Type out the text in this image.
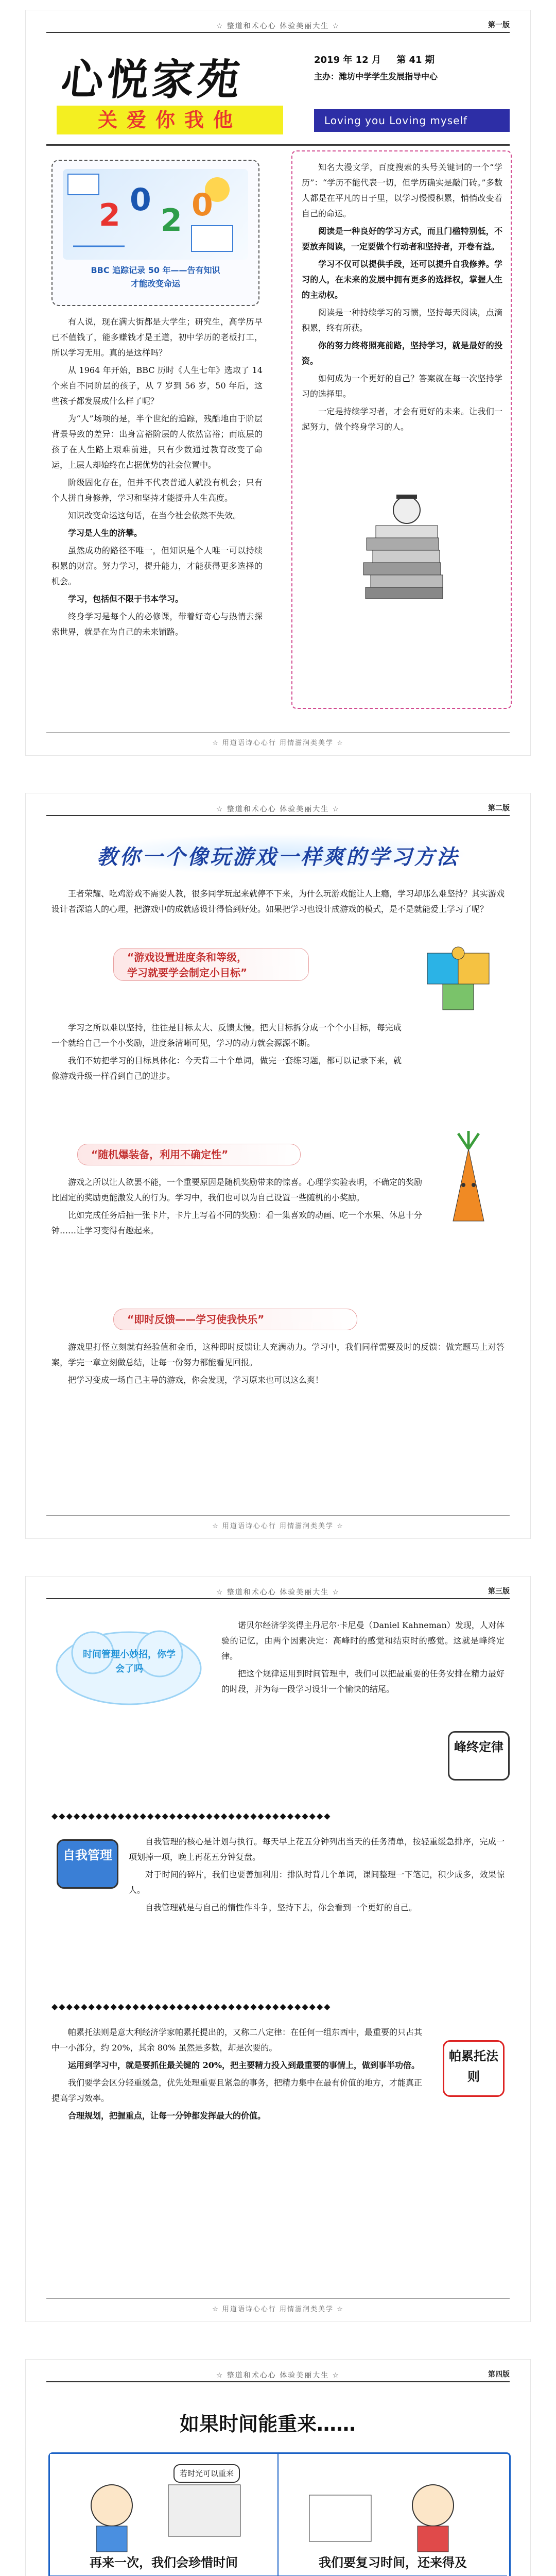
☆ 整道和术心心 体验美丽大生 ☆	第一版
心悦家苑
关爱你我他
2019 年 12 月 第 41 期
主办：潍坊中学学生发展指导中心
Loving you Loving myself
2 0
2 0
BBC 追踪记录 50 年——告有知识
才能改变命运

有人说，现在满大街都是大学生；研究生，高学历早已不值钱了，能多赚钱才是王道，初中学历的老板打工，所以学习无用。真的是这样吗？

从 1964 年开始，BBC 历时《人生七年》选取了 14 个来自不同阶层的孩子，从 7 岁到 56 岁，50 年后，这些孩子都发展成什么样了呢？

为“人”场项的是，半个世纪的追踪，残酷地由于阶层背景导致的差异：出身富裕阶层的人依然富裕；而底层的孩子在人生路上艰难前进，只有少数通过教育改变了命运，上层人却始终在占据优势的社会位置中。

阶级固化存在，但并不代表普通人就没有机会；只有个人拼自身修养，学习和坚持才能提升人生高度。

知识改变命运这句话，在当今社会依然不失效。

学习是人生的济攀。

虽然成功的路径不唯一，但知识是个人唯一可以持续积累的财富。努力学习，提升能力，才能获得更多选择的机会。

学习，包括但不限于书本学习。

终身学习是每个人的必修课，带着好奇心与热情去探索世界，就是在为自己的未来铺路。

知名大漫文学，百度搜索的头号关键词的一个“学历”：“学历不能代表一切，但学历确实是敲门砖。”多数人都是在平凡的日子里，以学习慢慢积累，悄悄改变着自己的命运。

阅读是一种良好的学习方式，而且门槛特别低，不要放弃阅读，一定要做个行动者和坚持者，开卷有益。

学习不仅可以提供手段，还可以提升自我修养。学习的人，在未来的发展中拥有更多的选择权，掌握人生的主动权。

阅读是一种持续学习的习惯，坚持每天阅读，点滴积累，终有所获。

你的努力终将照亮前路，坚持学习，就是最好的投资。

如何成为一个更好的自己？答案就在每一次坚持学习的选择里。

一定是持续学习者，才会有更好的未来。让我们一起努力，做个终身学习的人。

☆ 用道语诗心心行 用情滋润类美学 ☆
☆ 整道和术心心 体验美丽大生 ☆	第二版
教你一个像玩游戏一样爽的学习方法

王者荣耀、吃鸡游戏不需要人教，很多同学玩起来就停不下来，为什么玩游戏能让人上瘾，学习却那么难坚持？其实游戏设计者深谙人的心理，把游戏中的成就感设计得恰到好处。如果把学习也设计成游戏的模式，是不是就能爱上学习了呢？

“游戏设置进度条和等级，
学习就要学会制定小目标”

学习之所以难以坚持，往往是目标太大、反馈太慢。把大目标拆分成一个个小目标，每完成一个就给自己一个小奖励，进度条清晰可见，学习的动力就会源源不断。

我们不妨把学习的目标具体化：今天背二十个单词，做完一套练习题，都可以记录下来，就像游戏升级一样看到自己的进步。

“随机爆装备，利用不确定性”

游戏之所以让人欲罢不能，一个重要原因是随机奖励带来的惊喜。心理学实验表明，不确定的奖励比固定的奖励更能激发人的行为。学习中，我们也可以为自己设置一些随机的小奖励。

比如完成任务后抽一张卡片，卡片上写着不同的奖励：看一集喜欢的动画、吃一个水果、休息十分钟……让学习变得有趣起来。

“即时反馈——学习使我快乐”

游戏里打怪立刻就有经验值和金币，这种即时反馈让人充满动力。学习中，我们同样需要及时的反馈：做完题马上对答案，学完一章立刻做总结，让每一份努力都能看见回报。

把学习变成一场自己主导的游戏，你会发现，学习原来也可以这么爽！

☆ 用道语诗心心行 用情滋润类美学 ☆
☆ 整道和术心心 体验美丽大生 ☆	第三版
时间管理小妙招，你学会了吗

诺贝尔经济学奖得主丹尼尔·卡尼曼（Daniel Kahneman）发现，人对体验的记忆，由两个因素决定：高峰时的感觉和结束时的感觉。这就是峰终定律。

把这个规律运用到时间管理中，我们可以把最重要的任务安排在精力最好的时段，并为每一段学习设计一个愉快的结尾。

峰终定律

◆◆◆◆◆◆◆◆◆◆◆◆◆◆◆◆◆◆◆◆◆◆◆◆◆◆◆◆◆◆◆◆◆◆◆◆◆◆

自我管理

自我管理的核心是计划与执行。每天早上花五分钟列出当天的任务清单，按轻重缓急排序，完成一项划掉一项，晚上再花五分钟复盘。

对于时间的碎片，我们也要善加利用：排队时背几个单词，课间整理一下笔记，积少成多，效果惊人。

自我管理就是与自己的惰性作斗争，坚持下去，你会看到一个更好的自己。

◆◆◆◆◆◆◆◆◆◆◆◆◆◆◆◆◆◆◆◆◆◆◆◆◆◆◆◆◆◆◆◆◆◆◆◆◆◆

帕累托法则是意大利经济学家帕累托提出的，又称二八定律：在任何一组东西中，最重要的只占其中一小部分，约 20%，其余 80% 虽然是多数，却是次要的。

运用到学习中，就是要抓住最关键的 20%，把主要精力投入到最重要的事情上，做到事半功倍。

我们要学会区分轻重缓急，优先处理重要且紧急的事务，把精力集中在最有价值的地方，才能真正提高学习效率。

合理规划，把握重点，让每一分钟都发挥最大的价值。

帕累托法则
☆ 用道语诗心心行 用情滋润类美学 ☆
☆ 整道和术心心 体验美丽大生 ☆	第四版
如果时间能重来……
若时光可以重来
再来一次，我们会珍惜时间	我们要复习时间，还来得及
